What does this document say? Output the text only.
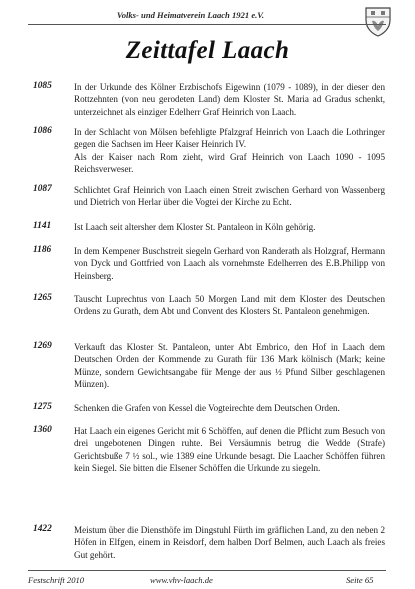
Volks- und Heimatverein Laach 1921 e.V.
Zeittafel Laach
1085 In der Urkunde des Kölner Erzbischofs Eigewinn (1079 - 1089), in der dieser den Rottzehnten (von neu gerodeten Land) dem Kloster St. Maria ad Gradus schenkt, unterzeichnet als einziger Edelherr Graf Heinrich von Laach.

1086 In der Schlacht von Mölsen befehligte Pfalzgraf Heinrich von Laach die Lothringer gegen die Sachsen im Heer Kaiser Heinrich IV.

Als der Kaiser nach Rom zieht, wird Graf Heinrich von Laach 1090 - 1095 Reichsverweser.

1087 Schlichtet Graf Heinrich von Laach einen Streit zwischen Gerhard von Wassenberg und Dietrich von Herlar über die Vogtei der Kirche zu Echt.

1141	Ist Laach seit altersher dem Kloster St. Pantaleon in Köln gehörig.

1186	In dem Kempener Buschstreit siegeln Gerhard von Randerath als Holzgraf, Hermann von Dyck und Gottfried von Laach als vornehmste Edelherren des E.B.Philipp von Heinsberg.

1265 Tauscht Luprechtus von Laach 50 Morgen Land mit dem Kloster des Deutschen Ordens zu Gurath, dem Abt und Convent des Klosters St. Pantaleon genehmigen.

1269 Verkauft das Kloster St. Pantaleon, unter Abt Embrico, den Hof in Laach dem Deutschen Orden der Kommende zu Gurath für 136 Mark kölnisch (Mark; keine Münze, sondern Gewichtsangabe für Menge der aus ½ Pfund Silber geschlagenen Münzen).

1275 Schenken die Grafen von Kessel die Vogteirechte dem Deutschen Orden.

1360 Hat Laach ein eigenes Gericht mit 6 Schöffen, auf denen die Pflicht zum Besuch von drei ungebotenen Dingen ruhte. Bei Versäumnis betrug die Wedde (Strafe) Gerichtsbuße 7 ½ sol., wie 1389 eine Urkunde besagt. Die Laacher Schöffen führen kein Siegel. Sie bitten die Elsener Schöffen die Urkunde zu siegeln.

1422 Meistum über die Diensthöfe im Dingstuhl Fürth im gräflichen Land, zu den neben 2 Höfen in Elfgen, einem in Reisdorf, dem halben Dorf Belmen, auch Laach als freies Gut gehört.

Festschrift 2010	www.vhv-laach.de	Seite 65
